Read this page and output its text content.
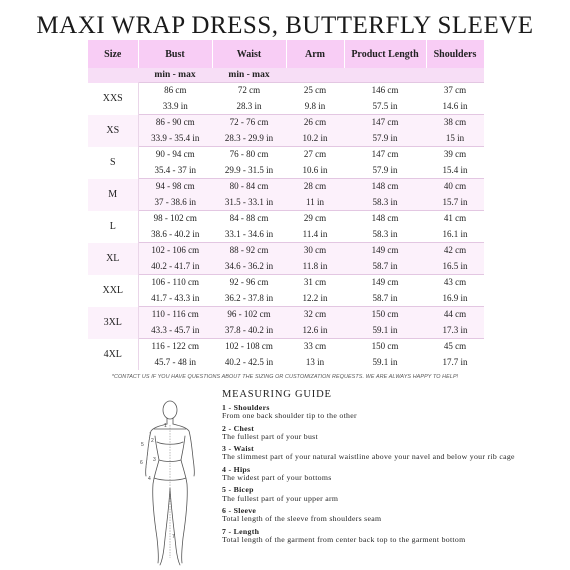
MAXI WRAP DRESS, BUTTERFLY SLEEVE
Size	Bust	Waist	Arm	Product Length	Shoulders
	min - max	min - max			
XXS	86 cm	72 cm	25 cm	146 cm	37 cm
	33.9 in	28.3 in	9.8 in	57.5 in	14.6 in
XS	86 - 90 cm	72 - 76 cm	26 cm	147 cm	38 cm
	33.9 - 35.4 in	28.3 - 29.9 in	10.2 in	57.9 in	15 in
S	90 - 94 cm	76 - 80 cm	27 cm	147 cm	39 cm
	35.4 - 37 in	29.9 - 31.5 in	10.6 in	57.9 in	15.4 in
M	94 - 98 cm	80 - 84 cm	28 cm	148 cm	40 cm
	37 - 38.6 in	31.5 - 33.1 in	11 in	58.3 in	15.7 in
L	98 - 102 cm	84 - 88 cm	29 cm	148 cm	41 cm
	38.6 - 40.2 in	33.1 - 34.6 in	11.4 in	58.3 in	16.1 in
XL	102 - 106 cm	88 - 92 cm	30 cm	149 cm	42 cm
	40.2 - 41.7 in	34.6 - 36.2 in	11.8 in	58.7 in	16.5 in
XXL	106 - 110 cm	92 - 96 cm	31 cm	149 cm	43 cm
	41.7 - 43.3 in	36.2 - 37.8 in	12.2 in	58.7 in	16.9 in
3XL	110 - 116 cm	96 - 102 cm	32 cm	150 cm	44 cm
	43.3 - 45.7 in	37.8 - 40.2 in	12.6 in	59.1 in	17.3 in
4XL	116 - 122 cm	102 - 108 cm	33 cm	150 cm	45 cm
	45.7 - 48 in	40.2 - 42.5 in	13 in	59.1 in	17.7 in
*CONTACT US IF YOU HAVE QUESTIONS ABOUT THE SIZING OR CUSTOMIZATION REQUESTS. WE ARE ALWAYS HAPPY TO HELP!
MEASURING GUIDE
1
2
3
4
5
6
7
1 - Shoulders
From one back shoulder tip to the other
2 - Chest
The fullest part of your bust
3 - Waist
The slimmest part of your natural waistline above your navel and below your rib cage
4 - Hips
The widest part of your bottoms
5 - Bicep
The fullest part of your upper arm
6 - Sleeve
Total length of the sleeve from shoulders seam
7 - Length
Total length of the garment from center back top to the garment bottom
